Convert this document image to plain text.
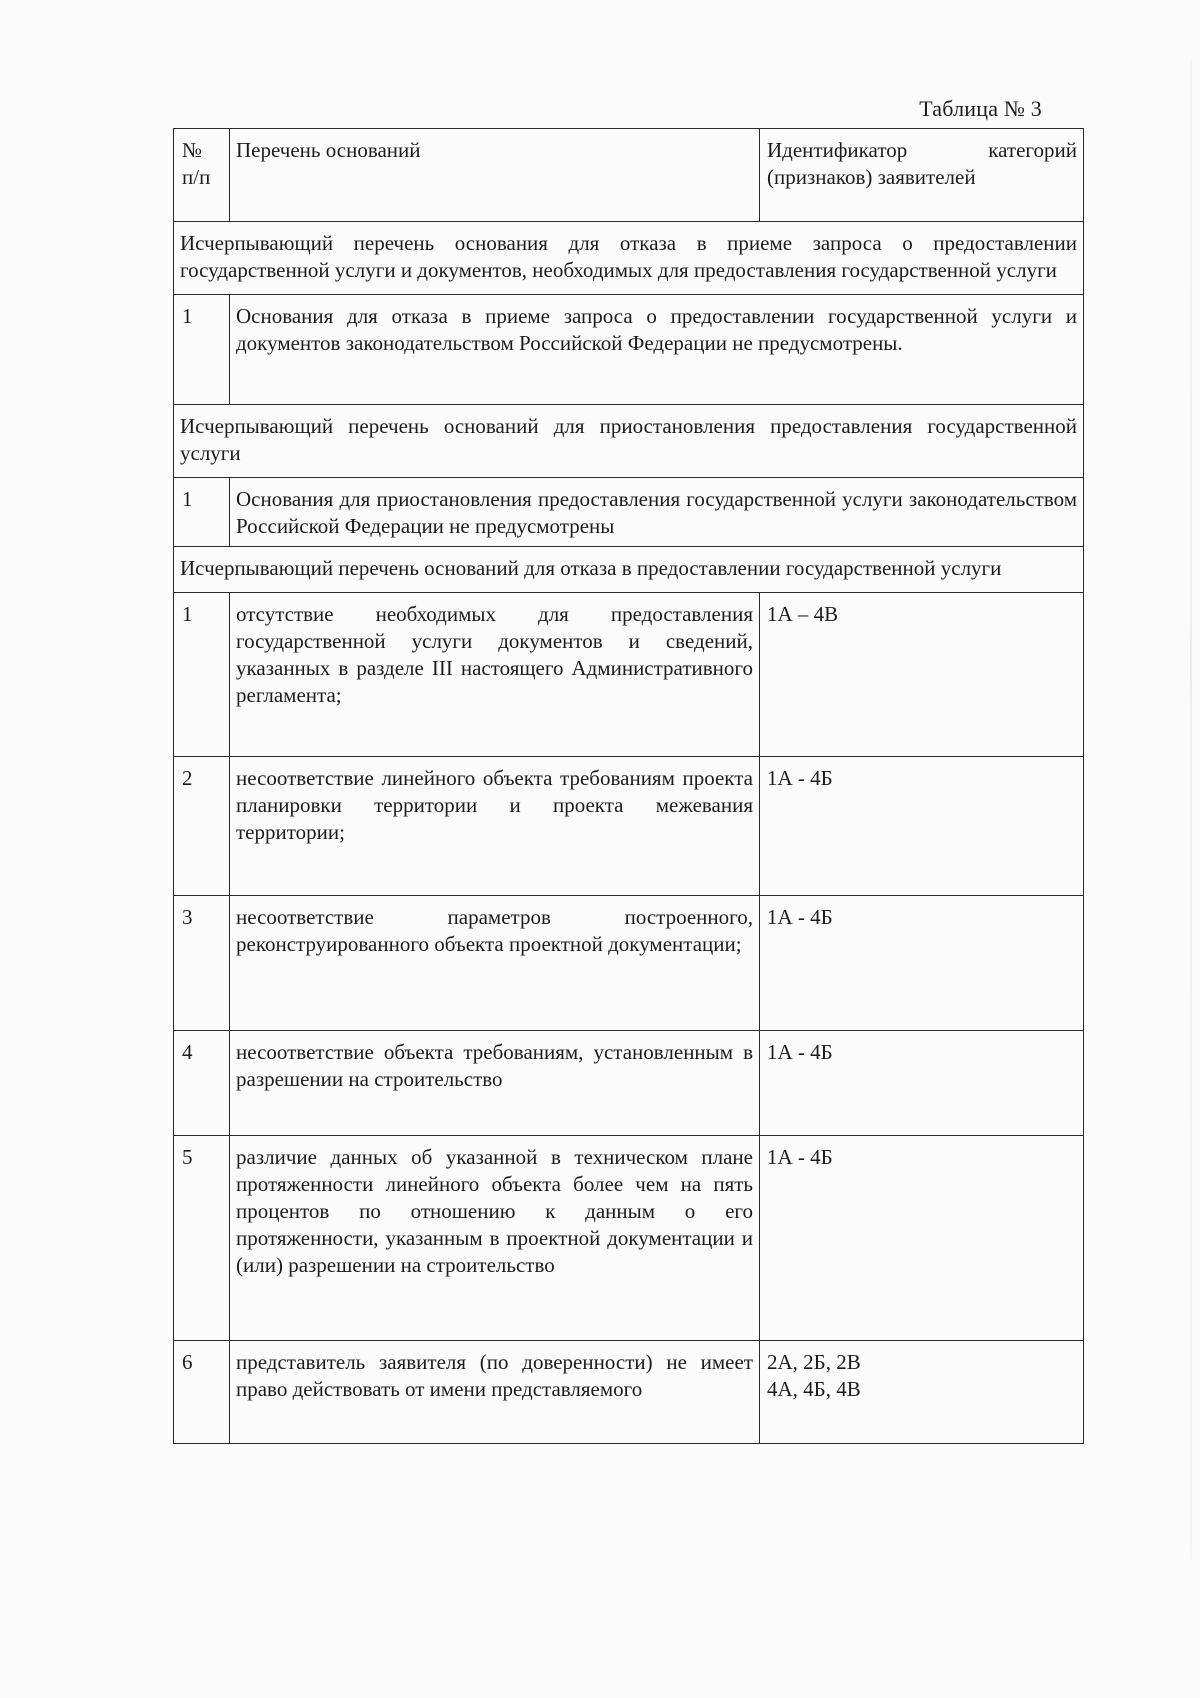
Таблица № 3
№ п/п	Перечень оснований	Идентификатор категорий (признаков) заявителей
Исчерпывающий перечень основания для отказа в приеме запроса о предоставлении государственной услуги и документов, необходимых для предоставления государственной услуги		
1	Основания для отказа в приеме запроса о предоставлении государственной услуги и документов законодательством Российской Федерации не предусмотрены.	
Исчерпывающий перечень оснований для приостановления предоставления государственной услуги		
1	Основания для приостановления предоставления государственной услуги законодательством Российской Федерации не предусмотрены	
Исчерпывающий перечень оснований для отказа в предоставлении государственной услуги		
1	отсутствие необходимых для предоставления государственной услуги документов и сведений, указанных в разделе III настоящего Административного регламента;	1А – 4В
2	несоответствие линейного объекта требованиям проекта планировки территории и проекта межевания территории;	1А - 4Б
3	несоответствие параметров построенного, реконструированного объекта проектной документации;	1А - 4Б
4	несоответствие объекта требованиям, установленным в разрешении на строительство	1А - 4Б
5	различие данных об указанной в техническом плане протяженности линейного объекта более чем на пять процентов по отношению к данным о его протяженности, указанным в проектной документации и (или) разрешении на строительство	1А - 4Б
6	представитель заявителя (по доверенности) не имеет право действовать от имени представляемого	2А, 2Б, 2В
4А, 4Б, 4В
